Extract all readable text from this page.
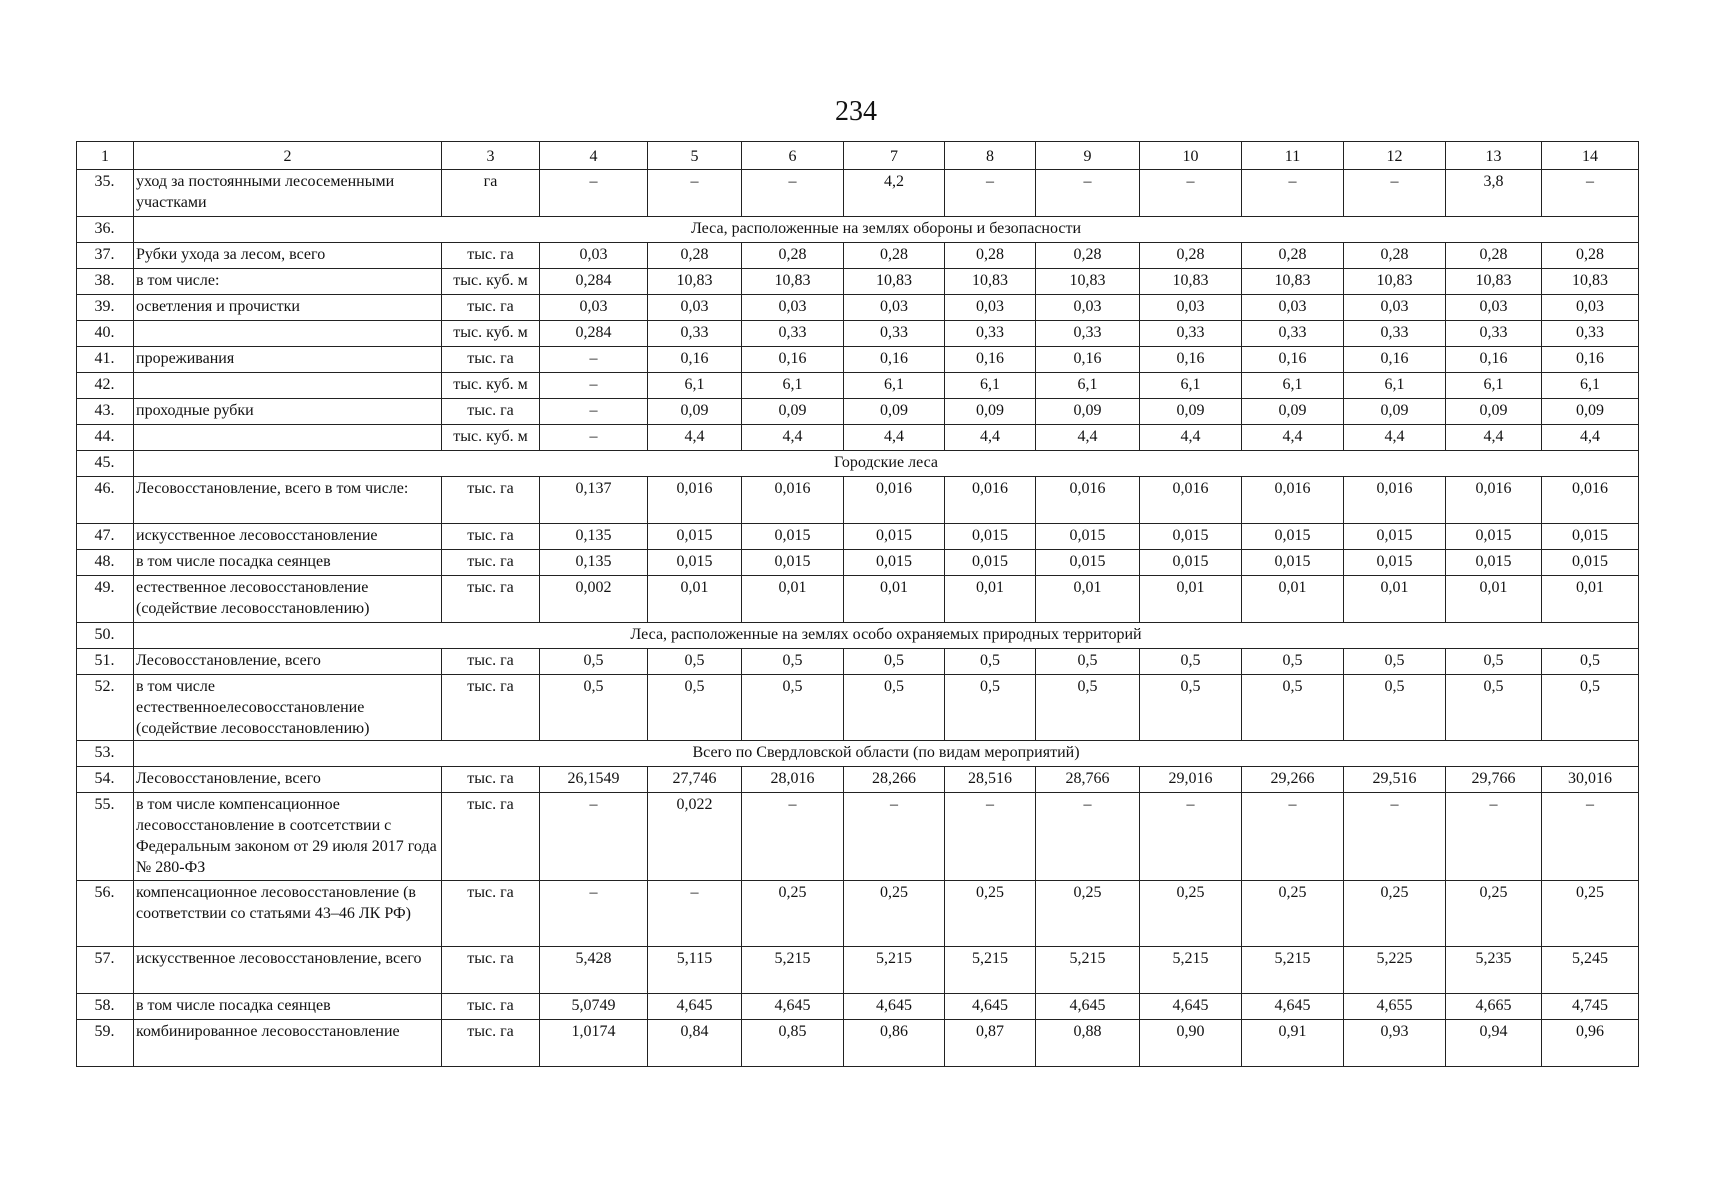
234
1	2	3	4	5	6	7	8	9	10	11	12	13	14
35.	уход за постоянными лесосеменными участками	га	–	–	–	4,2	–	–	–	–	–	3,8	–
36.	Леса, расположенные на землях обороны и безопасности												
37.	Рубки ухода за лесом, всего	тыс. га	0,03	0,28	0,28	0,28	0,28	0,28	0,28	0,28	0,28	0,28	0,28
38.	в том числе:	тыс. куб. м	0,284	10,83	10,83	10,83	10,83	10,83	10,83	10,83	10,83	10,83	10,83
39.	осветления и прочистки	тыс. га	0,03	0,03	0,03	0,03	0,03	0,03	0,03	0,03	0,03	0,03	0,03
40.		тыс. куб. м	0,284	0,33	0,33	0,33	0,33	0,33	0,33	0,33	0,33	0,33	0,33
41.	прореживания	тыс. га	–	0,16	0,16	0,16	0,16	0,16	0,16	0,16	0,16	0,16	0,16
42.		тыс. куб. м	–	6,1	6,1	6,1	6,1	6,1	6,1	6,1	6,1	6,1	6,1
43.	проходные рубки	тыс. га	–	0,09	0,09	0,09	0,09	0,09	0,09	0,09	0,09	0,09	0,09
44.		тыс. куб. м	–	4,4	4,4	4,4	4,4	4,4	4,4	4,4	4,4	4,4	4,4
45.	Городские леса												
46.	Лесовосстановление, всего в том числе:	тыс. га	0,137	0,016	0,016	0,016	0,016	0,016	0,016	0,016	0,016	0,016	0,016
47.	искусственное лесовосстановление	тыс. га	0,135	0,015	0,015	0,015	0,015	0,015	0,015	0,015	0,015	0,015	0,015
48.	в том числе посадка сеянцев	тыс. га	0,135	0,015	0,015	0,015	0,015	0,015	0,015	0,015	0,015	0,015	0,015
49.	естественное лесовосстановление (содействие лесовосстановлению)	тыс. га	0,002	0,01	0,01	0,01	0,01	0,01	0,01	0,01	0,01	0,01	0,01
50.	Леса, расположенные на землях особо охраняемых природных территорий												
51.	Лесовосстановление, всего	тыс. га	0,5	0,5	0,5	0,5	0,5	0,5	0,5	0,5	0,5	0,5	0,5
52.	в том числе естественноелесовосстановление (содействие лесовосстановлению)	тыс. га	0,5	0,5	0,5	0,5	0,5	0,5	0,5	0,5	0,5	0,5	0,5
53.	Всего по Свердловской области (по видам мероприятий)												
54.	Лесовосстановление, всего	тыс. га	26,1549	27,746	28,016	28,266	28,516	28,766	29,016	29,266	29,516	29,766	30,016
55.	в том числе компенсационное лесовосстановление в соотсетствии с Федеральным законом от 29 июля 2017 года № 280-ФЗ	тыс. га	–	0,022	–	–	–	–	–	–	–	–	–
56.	компенсационное лесовосстановление (в соответствии со статьями 43–46 ЛК РФ)	тыс. га	–	–	0,25	0,25	0,25	0,25	0,25	0,25	0,25	0,25	0,25
57.	искусственное лесовосстановление, всего	тыс. га	5,428	5,115	5,215	5,215	5,215	5,215	5,215	5,215	5,225	5,235	5,245
58.	в том числе посадка сеянцев	тыс. га	5,0749	4,645	4,645	4,645	4,645	4,645	4,645	4,645	4,655	4,665	4,745
59.	комбинированное лесовосстановление	тыс. га	1,0174	0,84	0,85	0,86	0,87	0,88	0,90	0,91	0,93	0,94	0,96
